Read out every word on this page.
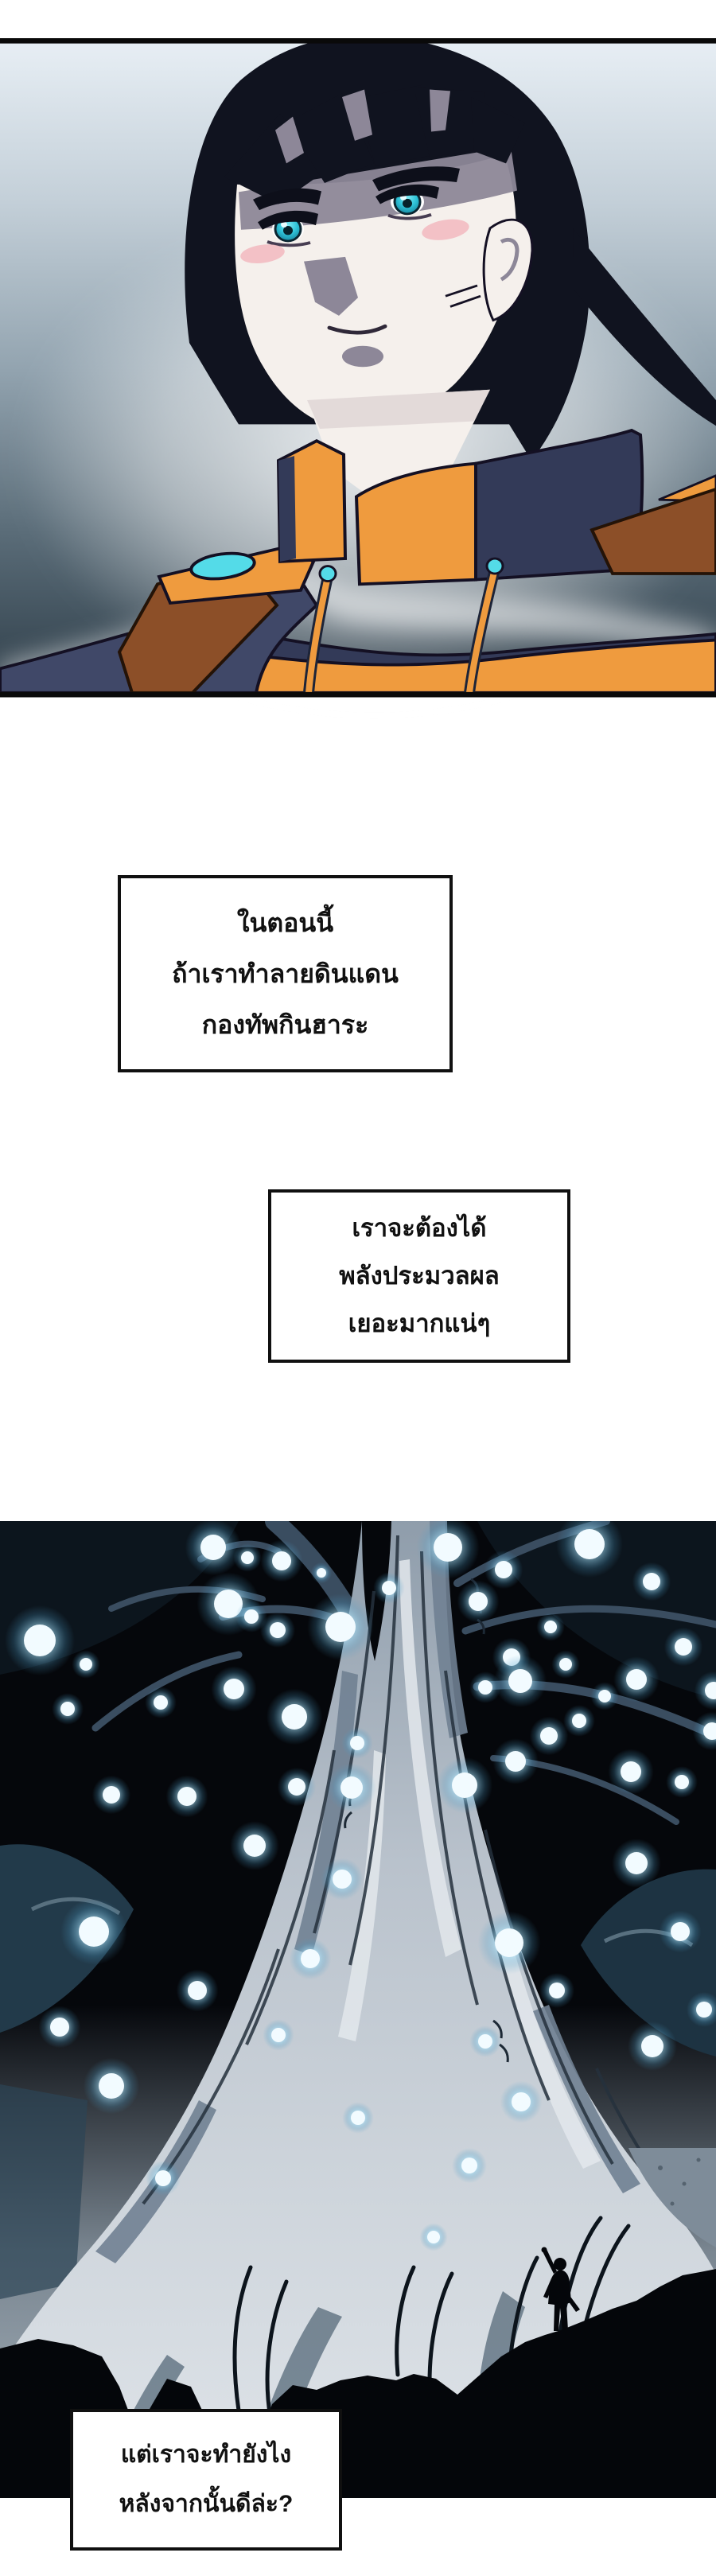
ในตอนนี้

ถ้าเราทำลายดินแดน

กองทัพกินฮาระ

เราจะต้องได้

พลังประมวลผล

เยอะมากแน่ๆ

แต่เราจะทำยังไง

หลังจากนั้นดีล่ะ?
